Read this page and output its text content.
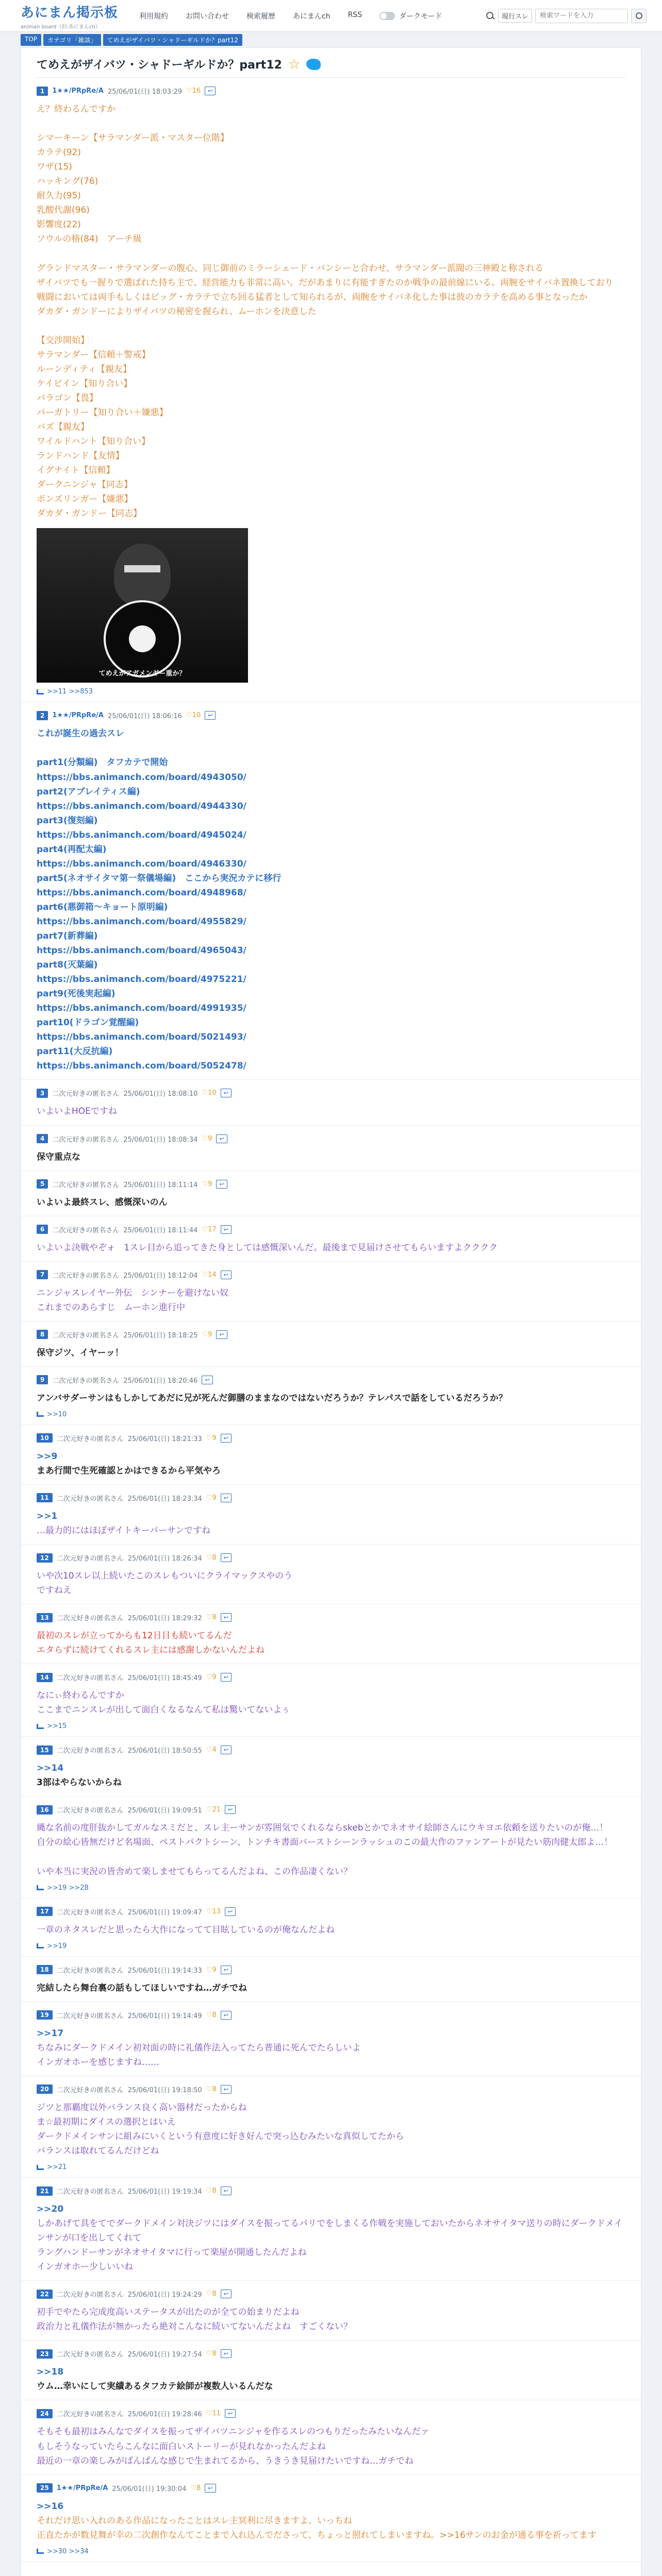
あにまん掲示板
animan board（旧:あにまんch）
利用規約 お問い合わせ 検索履歴 あにまんch RSS	ダークモード	現行スレ
検索ワードを入力
TOP	カテゴリ「雑談」	てめえがザイバツ・シャドーギルドか？part12
てめえがザイバツ・シャドーギルドか？part12 ☆
1	1★★/PRpRe/A 25/06/01(日) 18:03:29 ♡16	↩

え？終わるんですか

シマーキーン【サラマンダー派・マスター位階】

カラテ(92)

ワザ(15)

ハッキング(76)

耐久力(95)

乳酸代謝(96)

影響度(22)

ソウルの格(84)　アーチ級

グランドマスター・サラマンダーの腹心、同じ御前のミラーシェード・バンシーと合わせ、サラマンダー派閥の三神殿と称される

ザイバツでも一握りで選ばれた持ち主で、経営能力も非常に高い。だがあまりに有能すぎたのか戦争の最前線にいる。両腕をサイバネ置換しており

戦闘においては両手もしくはビッグ・カラテで立ち回る猛者として知られるが、両腕をサイバネ化した事は彼のカラテを高める事となったか

ダカダ・ガンドーによりザイバツの秘密を握られ、ムーホンを決意した

【交渉開始】

サラマンダー【信頼＋警戒】

ルーンディティ【親友】

ケイビイン【知り合い】

パラゴン【畏】

パーガトリー【知り合い＋嫌悪】

バズ【親友】

ワイルドハント【知り合い】

ランドハンド【友情】

イグナイト【信頼】

ダークニンジャ【同志】

ボンズリンガー【嫌悪】

ダカダ・ガンドー【同志】

てめえがアガメンギー重か？
>>11 >>853
2	1★★/PRpRe/A 25/06/01(日) 18:06:16 ♡10	↩

これが誕生の過去スレ

part1(分類編)　タフカテで開始

https://bbs.animanch.com/board/4943050/

part2(アブレイティス編)

https://bbs.animanch.com/board/4944330/

part3(復刻編)

https://bbs.animanch.com/board/4945024/

part4(再配太編)

https://bbs.animanch.com/board/4946330/

part5(ネオサイタマ第一祭儀場編)　ここから実況カテに移行

https://bbs.animanch.com/board/4948968/

part6(悪御箱～キョート原明編)

https://bbs.animanch.com/board/4955829/

part7(新葬編)

https://bbs.animanch.com/board/4965043/

part8(灭葉編)

https://bbs.animanch.com/board/4975221/

part9(死後実起編)

https://bbs.animanch.com/board/4991935/

part10(ドラゴン覚醒編)

https://bbs.animanch.com/board/5021493/

part11(大反抗編)

https://bbs.animanch.com/board/5052478/

3	二次元好きの匿名さん 25/06/01(日) 18:08:10 ♡10	↩

いよいよHOEですね

4	二次元好きの匿名さん 25/06/01(日) 18:08:34 ♡9	↩

保守重点な

5	二次元好きの匿名さん 25/06/01(日) 18:11:14 ♡9	↩

いよいよ最終スレ、感慨深いのん

6	二次元好きの匿名さん 25/06/01(日) 18:11:44 ♡17	↩

いよいよ決戦やぞォ　1スレ目から追ってきた身としては感慨深いんだ。最後まで見届けさせてもらいますよクククク

7	二次元好きの匿名さん 25/06/01(日) 18:12:04 ♡14	↩

ニンジャスレイヤー外伝　シンナーを避けない奴

これまでのあらすじ　ムーホン進行中

8	二次元好きの匿名さん 25/06/01(日) 18:18:25 ♡9	↩

保守ジツ、イヤーッ！

9	二次元好きの匿名さん 25/06/01(日) 18:20:46	↩

アンバサダーサンはもしかしてあだに兄が死んだ御膳のままなのではないだろうか？テレパスで話をしているだろうか？

>>10
10	二次元好きの匿名さん 25/06/01(日) 18:21:33 ♡9	↩

>>9

まあ行間で生死確認とかはできるから平気やろ

11	二次元好きの匿名さん 25/06/01(日) 18:23:34 ♡9	↩

>>1

…最力的にはほぼザイトキーパーサンですね

12	二次元好きの匿名さん 25/06/01(日) 18:26:34 ♡8	↩

いや次10スレ以上続いたこのスレもついにクライマックスやのう

ですねえ

13	二次元好きの匿名さん 25/06/01(日) 18:29:32 ♡8	↩

最初のスレが立ってからも12日目も続いてるんだ

エタらずに続けてくれるスレ主には感謝しかないんだよね

14	二次元好きの匿名さん 25/06/01(日) 18:45:49 ♡9	↩

なにぃ終わるんですか

ここまでニンスレが出して面白くなるなんて私は驚いてないよぅ

>>15
15	二次元好きの匿名さん 25/06/01(日) 18:50:55 ♡4	↩

>>14

3部はやらないからね

16	二次元好きの匿名さん 25/06/01(日) 19:09:51 ♡21	↩

縄な名前の度肝抜かしてガルなスミだと、スレ主ーサンが雰囲気でくれるならskebとかでネオサイ絵師さんにウキヨエ依頼を送りたいのが俺…！

自分の絵心皆無だけど名場面、ペストパクトシーン、トンチキ書面バーストシーンラッシュのこの最大作のファンアートが見たい筋肉健太郎よ…！

いや本当に実況の皆舎めて楽しませてもらってるんだよね、この作品凄くない？

>>19 >>28
17	二次元好きの匿名さん 25/06/01(日) 19:09:47 ♡13	↩

一章のネタスレだと思ったら大作になってて目眩しているのが俺なんだよね

>>19
18	二次元好きの匿名さん 25/06/01(日) 19:14:33 ♡9	↩

完結したら舞台裏の話もしてほしいですね…ガチでね

19	二次元好きの匿名さん 25/06/01(日) 19:14:49 ♡8	↩

>>17

ちなみにダークドメイン初対面の時に礼儀作法入ってたら普通に死んでたらしいよ

インガオホーを感じますね……

20	二次元好きの匿名さん 25/06/01(日) 19:18:50 ♡8	↩

ジツと那覇度以外バランス良く高い器材だったからね

ま☆最初期にダイスの選択とはいえ

ダークドメインサンに組みにいくという有意度に好き好んで突っ込むみたいな真似してたから

バランスは取れてるんだけどね

>>21
21	二次元好きの匿名さん 25/06/01(日) 19:19:34 ♡8	↩

>>20

しかあげて具をてでダークドメイン対決ジツにはダイスを振ってるパリでをしまくる作戦を実施しておいたからネオサイタマ送りの時にダークドメインサンが口を出してくれて

ラングハンドーサンがネオサイタマに行って楽屋が開通したんだよね

インガオホー少しいいね

22	二次元好きの匿名さん 25/06/01(日) 19:24:29 ♡8	↩

初手でやたら完成度高いステータスが出たのが全ての始まりだよね

政治力と礼儀作法が無かったら絶対こんなに続いてないんだよね　すごくない？

23	二次元好きの匿名さん 25/06/01(日) 19:27:54 ♡8	↩

>>18

ウム…幸いにして実績あるタフカテ絵師が複数人いるんだな

24	二次元好きの匿名さん 25/06/01(日) 19:28:46 ♡11	↩

そもそも最初はみんなでダイスを振ってザイバツニンジャを作るスレのつもりだったみたいなんだァ

もしそうなっていたらこんなに面白いストーリーが見れなかったんだよね

最近の一章の楽しみがぱんぱんな感じで生まれてるから、うきうき見届けたいですね…ガチでね

25	1★★/PRpRe/A 25/06/01(日) 19:30:04 ♡8	↩

>>16

それだけ思い入れのある作品になったことはスレ主冥利に尽きますよ、いっちね

正直たかが数見舞が幸の二次創作なんてことまで入れ込んでださって、ちょっと照れてしまいますね。>>16サンのお金が通る事を祈ってます

>>30 >>34
